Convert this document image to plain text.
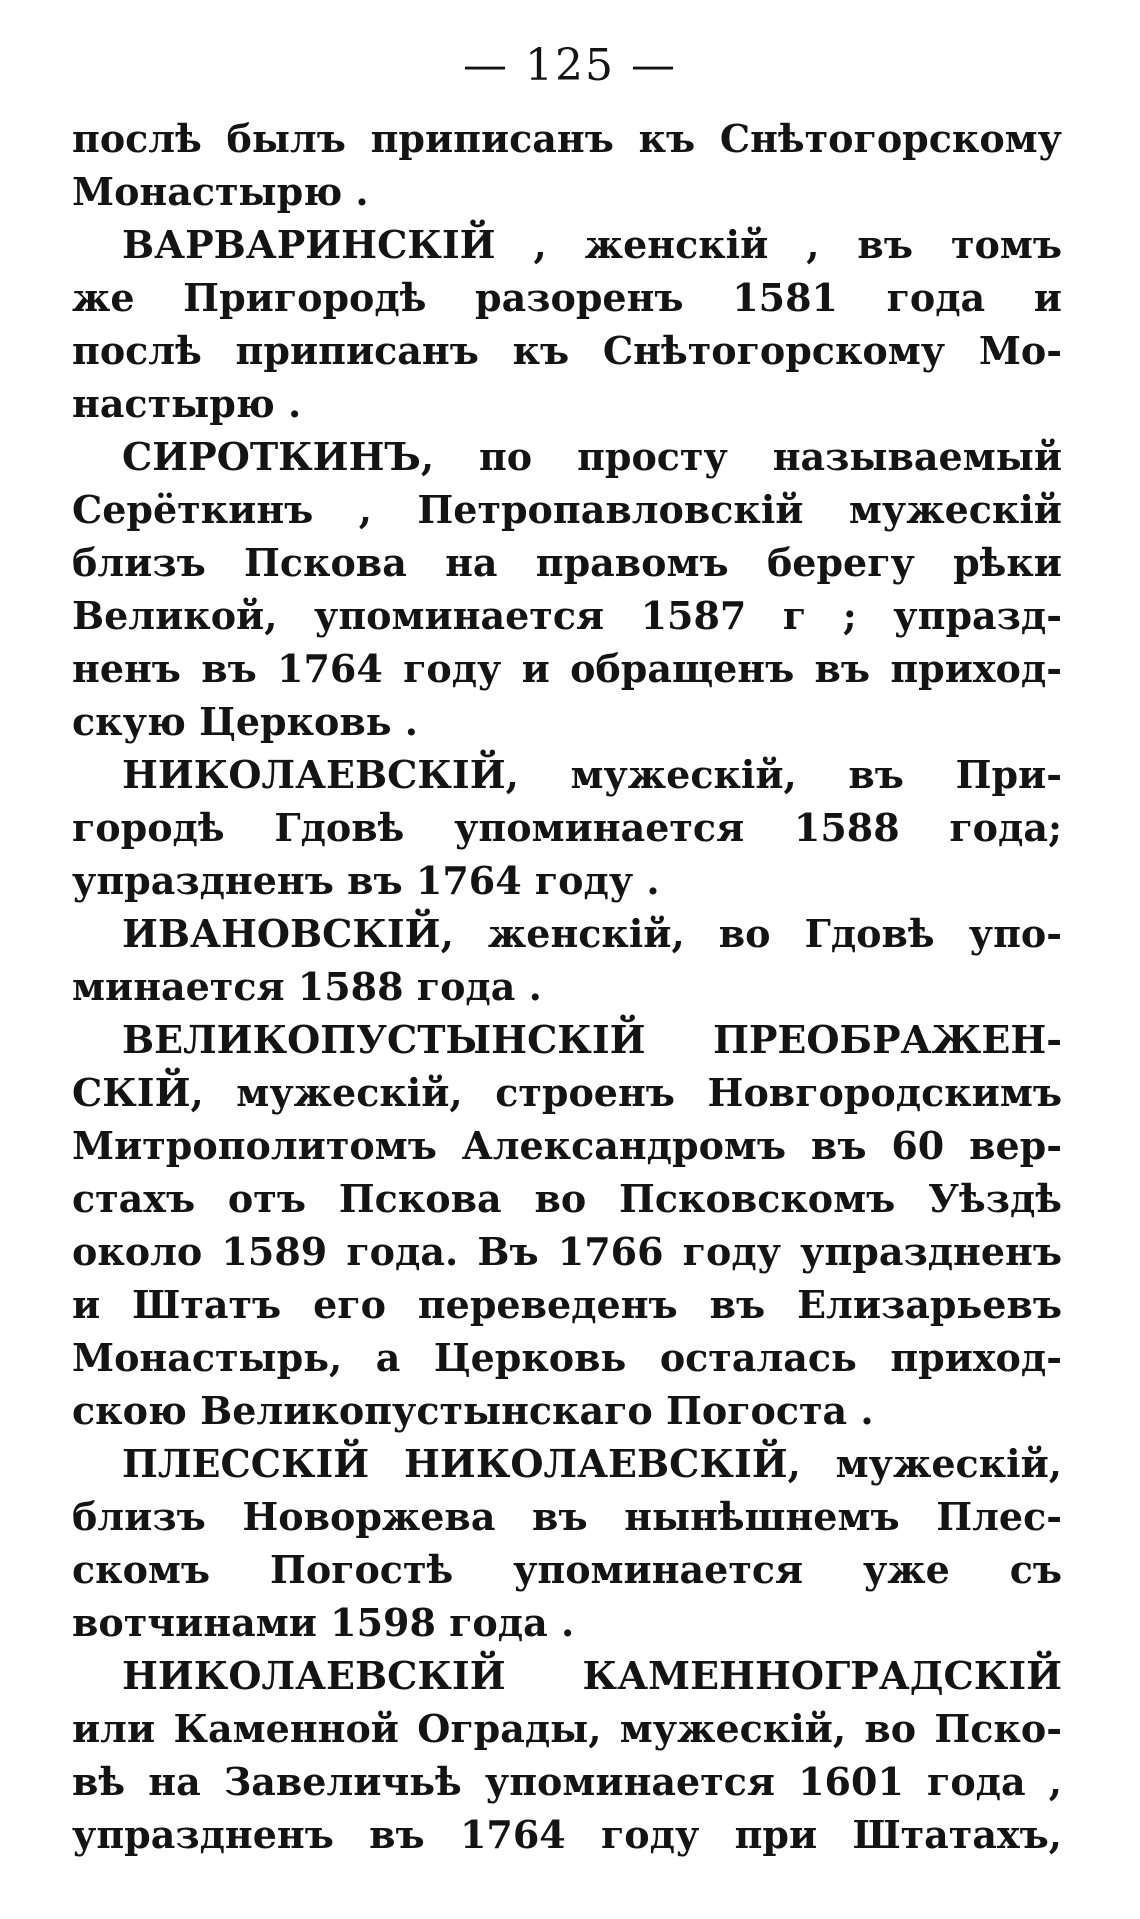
— 125 —
послѣ былъ приписанъ къ Снѣтогорскому
Монастырю .
ВАРВАРИНСКІЙ , женскій , въ томъ
же Пригородѣ разоренъ 1581 года и
послѣ приписанъ къ Снѣтогорскому Мо-
настырю .
СИРОТКИНЪ, по просту называемый
Серёткинъ , Петропавловскій мужескій
близъ Пскова на правомъ берегу рѣки
Великой, упоминается 1587 г ; упразд-
ненъ въ 1764 году и обращенъ въ приход-
скую Церковь .
НИКОЛАЕВСКІЙ, мужескій, въ При-
городѣ Гдовѣ упоминается 1588 года;
упраздненъ въ 1764 году .
ИВАНОВСКІЙ, женскій, во Гдовѣ упо-
минается 1588 года .
ВЕЛИКОПУСТЫНСКІЙ ПРЕОБРАЖЕН-
СКІЙ, мужескій, строенъ Новгородскимъ
Митрополитомъ Александромъ въ 60 вер-
стахъ отъ Пскова во Псковскомъ Уѣздѣ
около 1589 года. Въ 1766 году упраздненъ
и Штатъ его переведенъ въ Елизарьевъ
Монастырь, а Церковь осталась приход-
скою Великопустынскаго Погоста .
ПЛЕССКІЙ НИКОЛАЕВСКІЙ, мужескій,
близъ Новоржева въ нынѣшнемъ Плес-
скомъ Погостѣ упоминается уже съ
вотчинами 1598 года .
НИКОЛАЕВСКІЙ КАМЕННОГРАДСКІЙ
или Каменной Ограды, мужескій, во Пско-
вѣ на Завеличьѣ упоминается 1601 года ,
упраздненъ въ 1764 году при Штатахъ,
